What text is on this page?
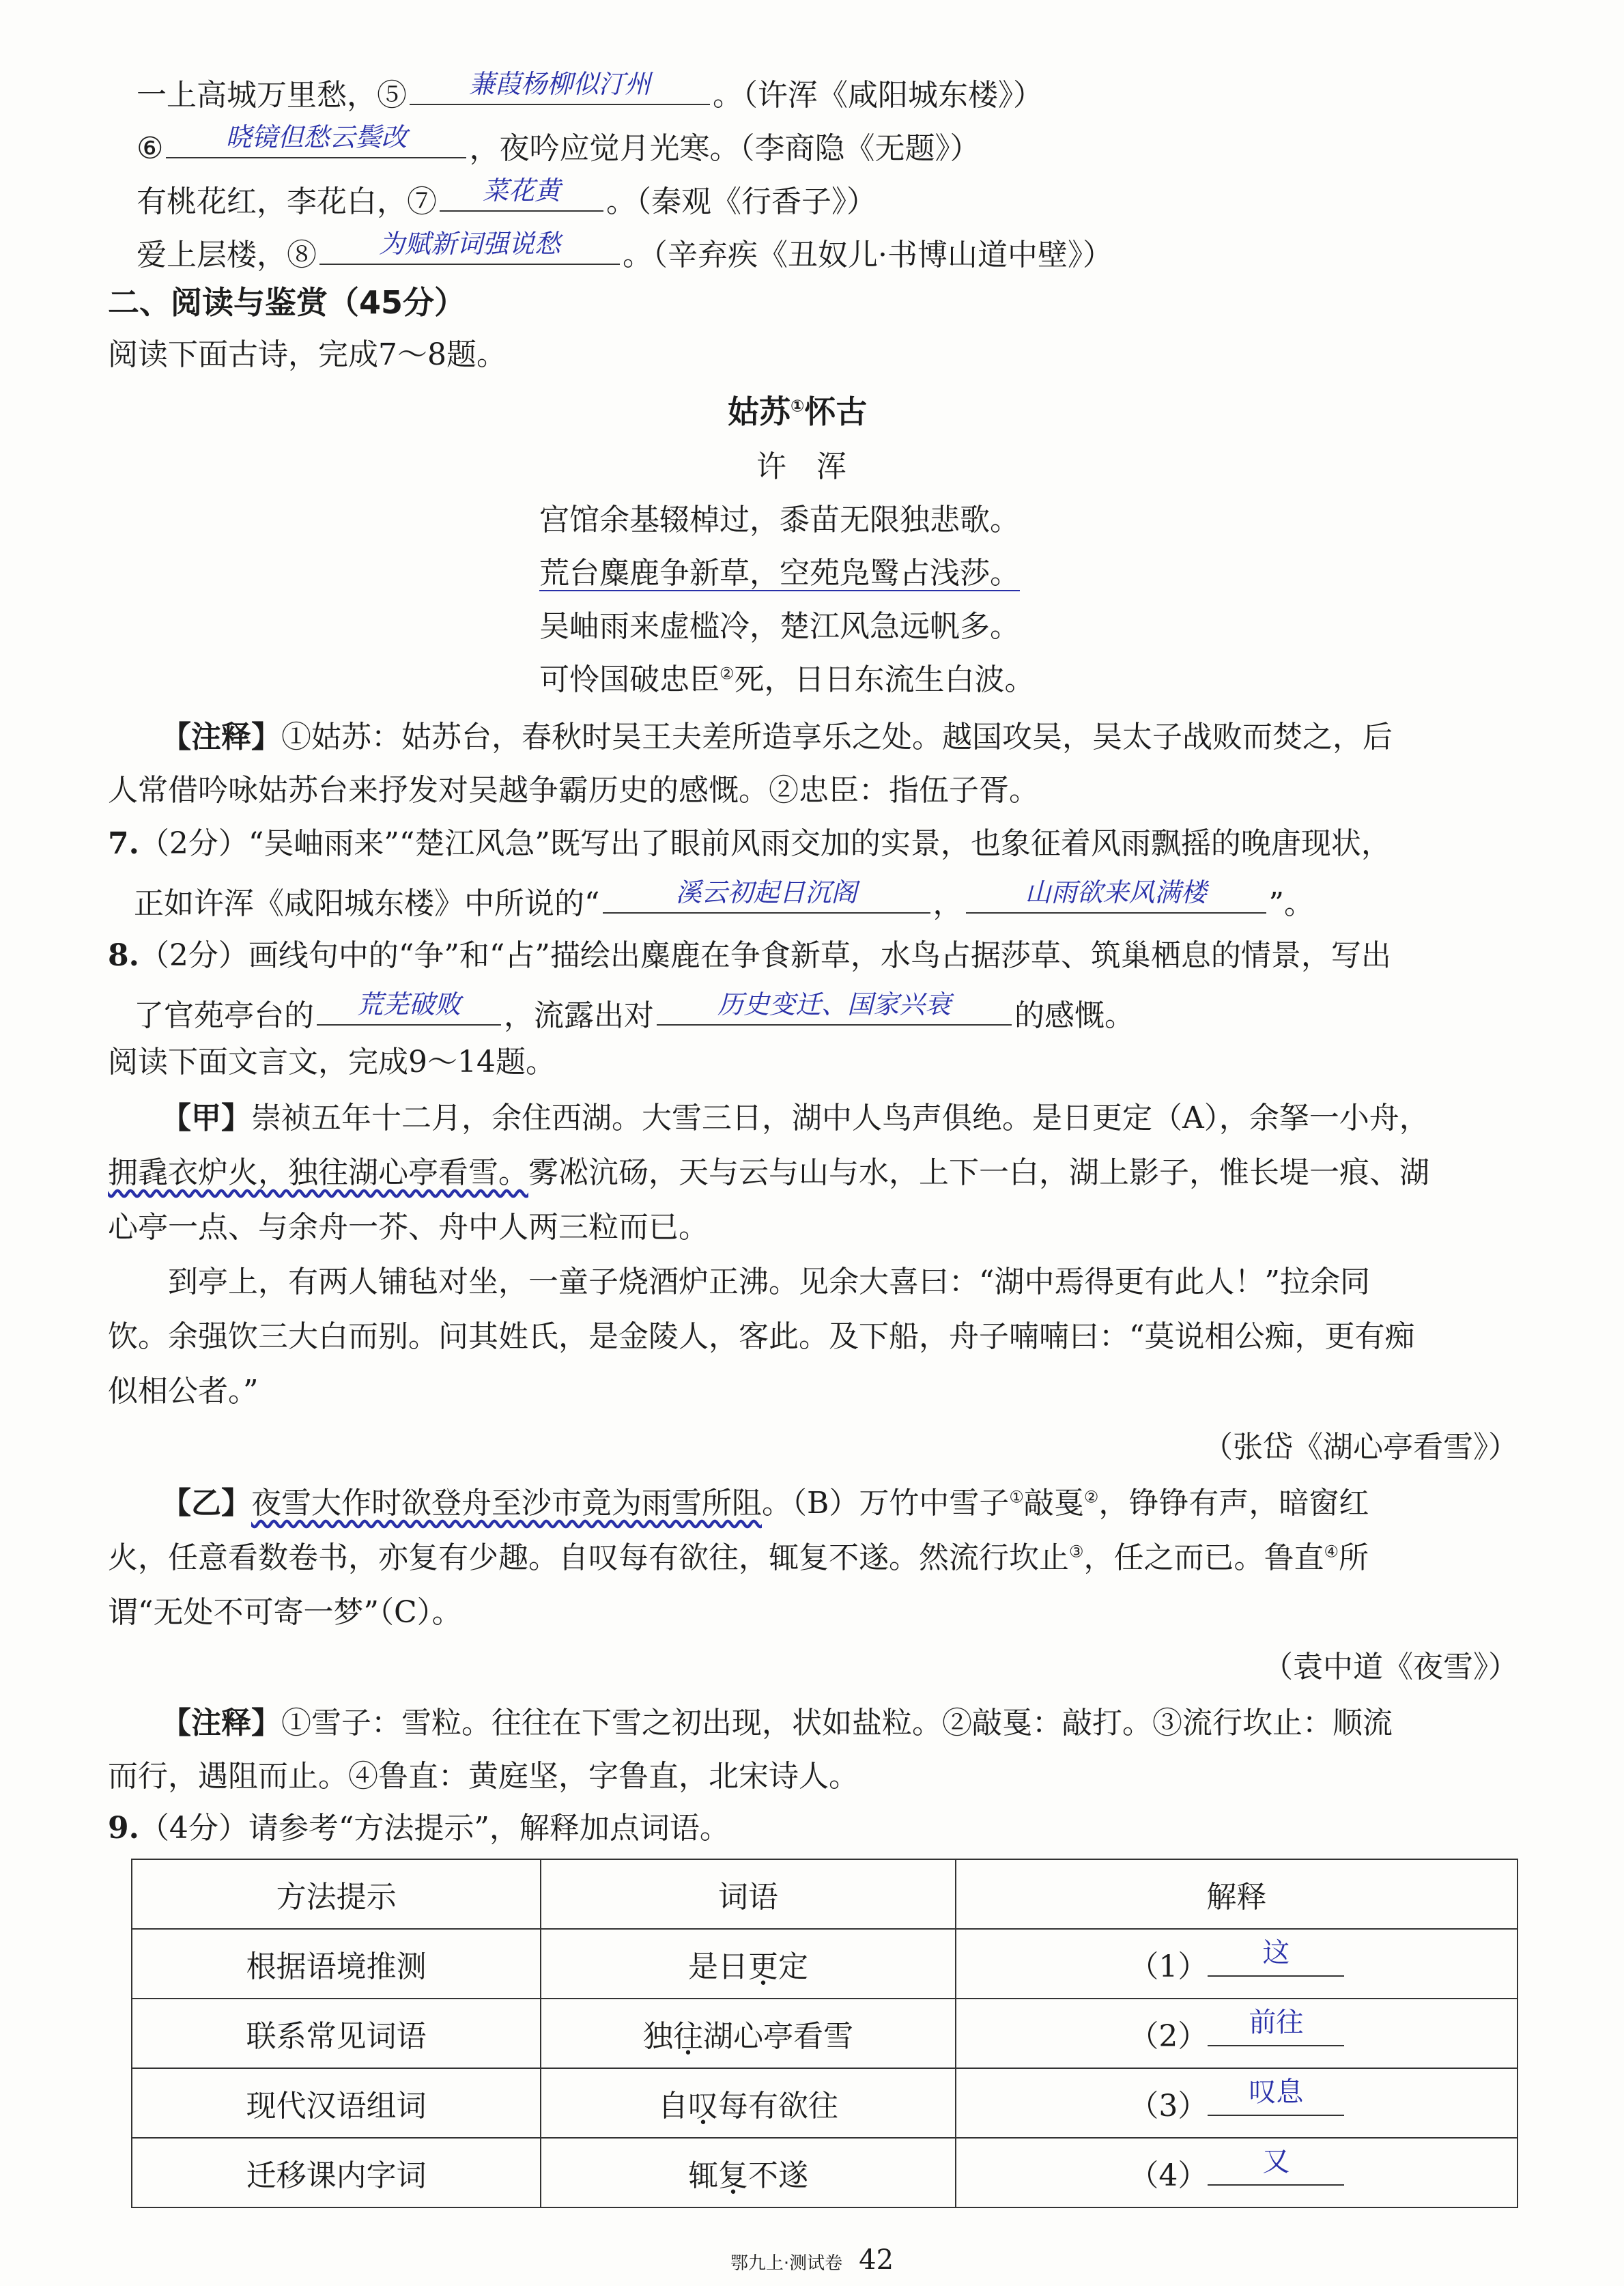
一上高城万里愁，⑤	蒹葭杨柳似汀州	。（许浑《咸阳城东楼》）
⑥	晓镜但愁云鬓改	，夜吟应觉月光寒。（李商隐《无题》）
有桃花红，李花白，⑦	菜花黄	。（秦观《行香子》）
爱上层楼，⑧	为赋新词强说愁	。（辛弃疾《丑奴儿·书博山道中壁》）
二、阅读与鉴赏（45分）
阅读下面古诗，完成7～8题。
姑苏①怀古
许　浑
宫馆余基辍棹过，黍苗无限独悲歌。
荒台麋鹿争新草，空苑凫鹥占浅莎。
吴岫雨来虚槛冷，楚江风急远帆多。
可怜国破忠臣②死，日日东流生白波。
【注释】①姑苏：姑苏台，春秋时吴王夫差所造享乐之处。越国攻吴，吴太子战败而焚之，后
人常借吟咏姑苏台来抒发对吴越争霸历史的感慨。②忠臣：指伍子胥。
7.（2分）“吴岫雨来”“楚江风急”既写出了眼前风雨交加的实景，也象征着风雨飘摇的晚唐现状，
正如许浑《咸阳城东楼》中所说的“	溪云初起日沉阁	，	山雨欲来风满楼	”。
8.（2分）画线句中的“争”和“占”描绘出麋鹿在争食新草，水鸟占据莎草、筑巢栖息的情景，写出
了官苑亭台的	荒芜破败	，流露出对	历史变迁、国家兴衰	的感慨。
阅读下面文言文，完成9～14题。
【甲】崇祯五年十二月，余住西湖。大雪三日，湖中人鸟声俱绝。是日更定（A），余拏一小舟，
拥毳衣炉火，独往湖心亭看雪。雾凇沆砀，天与云与山与水，上下一白，湖上影子，惟长堤一痕、湖
心亭一点、与余舟一芥、舟中人两三粒而已。
到亭上，有两人铺毡对坐，一童子烧酒炉正沸。见余大喜曰：“湖中焉得更有此人！”拉余同
饮。余强饮三大白而别。问其姓氏，是金陵人，客此。及下船，舟子喃喃曰：“莫说相公痴，更有痴
似相公者。”
（张岱《湖心亭看雪》）
【乙】夜雪大作时欲登舟至沙市竟为雨雪所阻。（B）万竹中雪子①敲戛②，铮铮有声，暗窗红
火，任意看数卷书，亦复有少趣。自叹每有欲往，辄复不遂。然流行坎止③，任之而已。鲁直④所
谓“无处不可寄一梦”（C）。
（袁中道《夜雪》）
【注释】①雪子：雪粒。往往在下雪之初出现，状如盐粒。②敲戛：敲打。③流行坎止：顺流
而行，遇阻而止。④鲁直：黄庭坚，字鲁直，北宋诗人。
9.（4分）请参考“方法提示”，解释加点词语。
方法提示	词语	解释
根据语境推测	是日更定	（1） 这

联系常见词语	独往湖心亭看雪	（2） 前往

现代汉语组词	自叹每有欲往	（3） 叹息

迁移课内字词	辄复不遂	（4） 又
鄂九上·测试卷 42
